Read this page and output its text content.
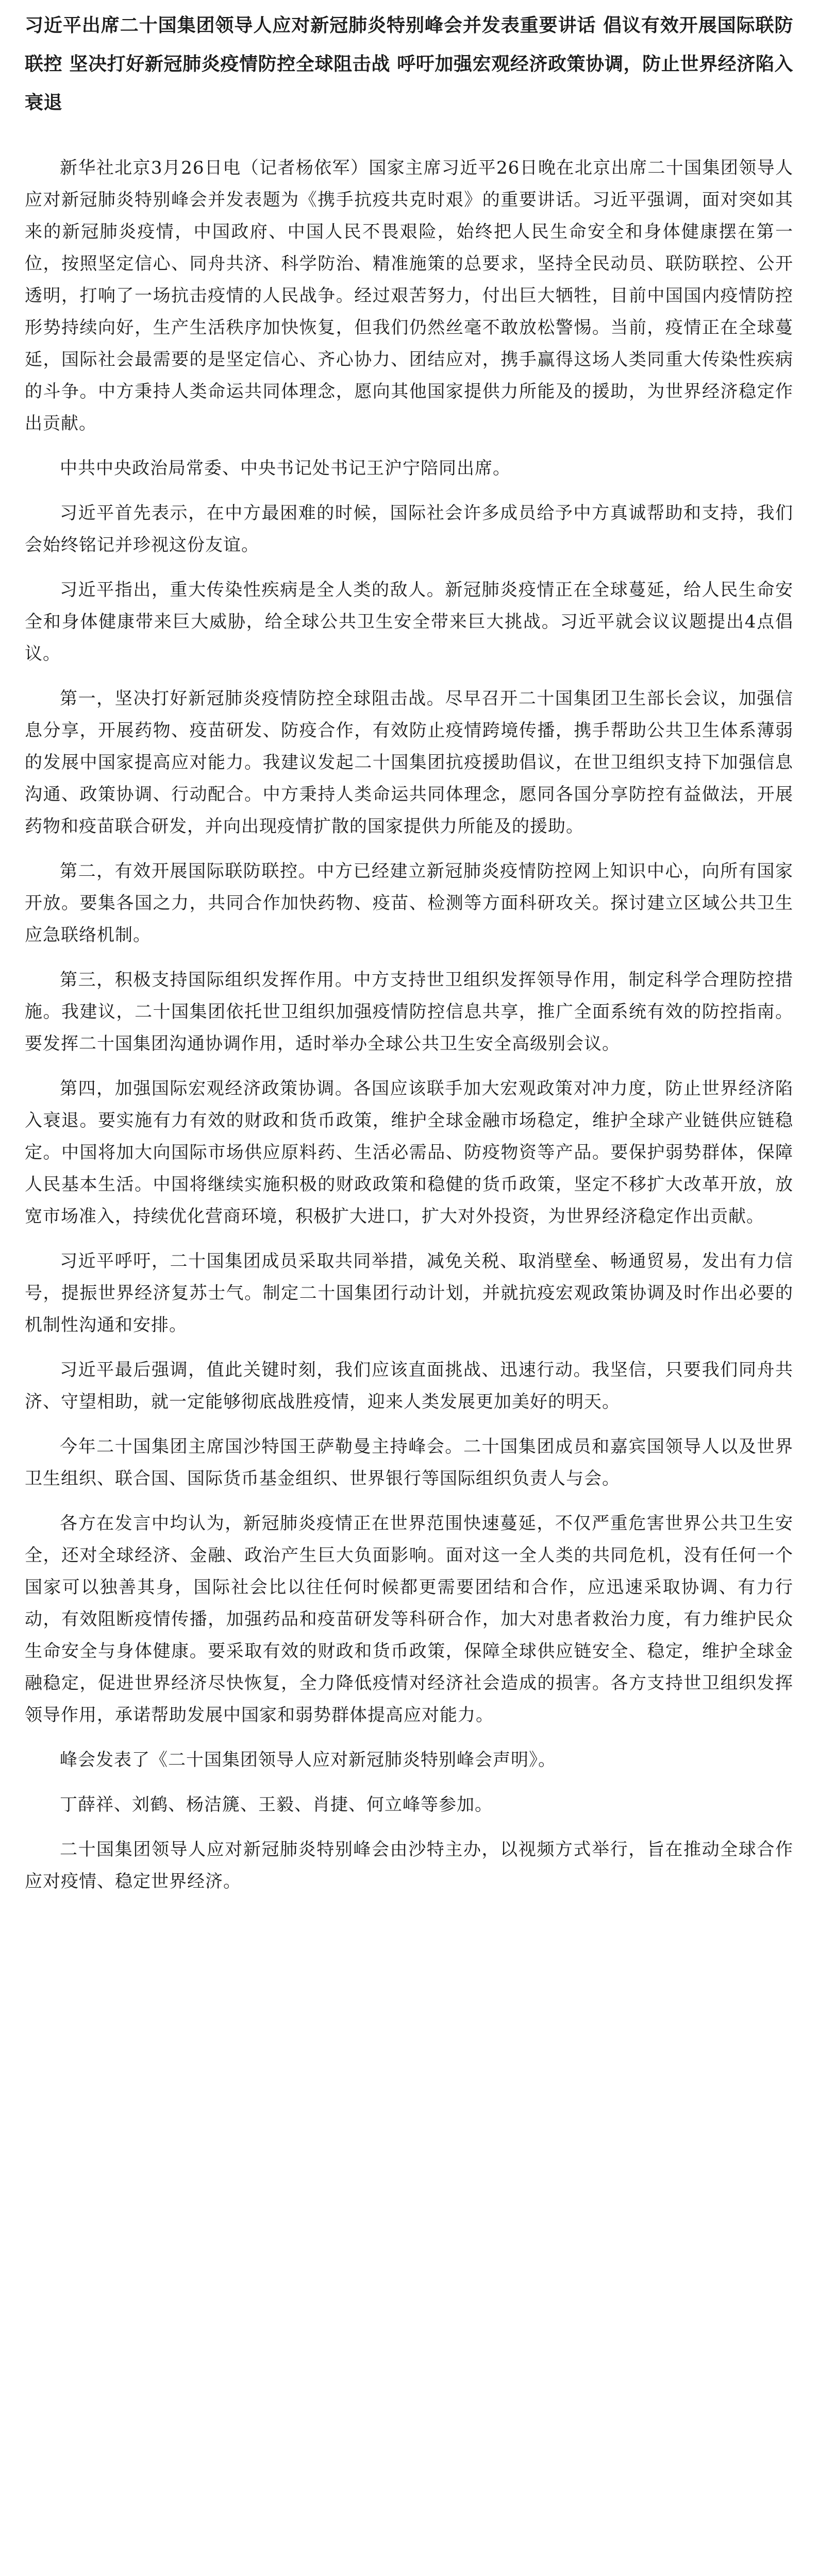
习近平出席二十国集团领导人应对新冠肺炎特别峰会并发表重要讲话 倡议有效开展国际联防联控 坚决打好新冠肺炎疫情防控全球阻击战 呼吁加强宏观经济政策协调，防止世界经济陷入衰退

新华社北京3月26日电（记者杨依军）国家主席习近平26日晚在北京出席二十国集团领导人应对新冠肺炎特别峰会并发表题为《携手抗疫共克时艰》的重要讲话。习近平强调，面对突如其来的新冠肺炎疫情，中国政府、中国人民不畏艰险，始终把人民生命安全和身体健康摆在第一位，按照坚定信心、同舟共济、科学防治、精准施策的总要求，坚持全民动员、联防联控、公开透明，打响了一场抗击疫情的人民战争。经过艰苦努力，付出巨大牺牲，目前中国国内疫情防控形势持续向好，生产生活秩序加快恢复，但我们仍然丝毫不敢放松警惕。当前，疫情正在全球蔓延，国际社会最需要的是坚定信心、齐心协力、团结应对，携手赢得这场人类同重大传染性疾病的斗争。中方秉持人类命运共同体理念，愿向其他国家提供力所能及的援助，为世界经济稳定作出贡献。

中共中央政治局常委、中央书记处书记王沪宁陪同出席。

习近平首先表示，在中方最困难的时候，国际社会许多成员给予中方真诚帮助和支持，我们会始终铭记并珍视这份友谊。

习近平指出，重大传染性疾病是全人类的敌人。新冠肺炎疫情正在全球蔓延，给人民生命安全和身体健康带来巨大威胁，给全球公共卫生安全带来巨大挑战。习近平就会议议题提出4点倡议。

第一，坚决打好新冠肺炎疫情防控全球阻击战。尽早召开二十国集团卫生部长会议，加强信息分享，开展药物、疫苗研发、防疫合作，有效防止疫情跨境传播，携手帮助公共卫生体系薄弱的发展中国家提高应对能力。我建议发起二十国集团抗疫援助倡议，在世卫组织支持下加强信息沟通、政策协调、行动配合。中方秉持人类命运共同体理念，愿同各国分享防控有益做法，开展药物和疫苗联合研发，并向出现疫情扩散的国家提供力所能及的援助。

第二，有效开展国际联防联控。中方已经建立新冠肺炎疫情防控网上知识中心，向所有国家开放。要集各国之力，共同合作加快药物、疫苗、检测等方面科研攻关。探讨建立区域公共卫生应急联络机制。

第三，积极支持国际组织发挥作用。中方支持世卫组织发挥领导作用，制定科学合理防控措施。我建议，二十国集团依托世卫组织加强疫情防控信息共享，推广全面系统有效的防控指南。要发挥二十国集团沟通协调作用，适时举办全球公共卫生安全高级别会议。

第四，加强国际宏观经济政策协调。各国应该联手加大宏观政策对冲力度，防止世界经济陷入衰退。要实施有力有效的财政和货币政策，维护全球金融市场稳定，维护全球产业链供应链稳定。中国将加大向国际市场供应原料药、生活必需品、防疫物资等产品。要保护弱势群体，保障人民基本生活。中国将继续实施积极的财政政策和稳健的货币政策，坚定不移扩大改革开放，放宽市场准入，持续优化营商环境，积极扩大进口，扩大对外投资，为世界经济稳定作出贡献。

习近平呼吁，二十国集团成员采取共同举措，减免关税、取消壁垒、畅通贸易，发出有力信号，提振世界经济复苏士气。制定二十国集团行动计划，并就抗疫宏观政策协调及时作出必要的机制性沟通和安排。

习近平最后强调，值此关键时刻，我们应该直面挑战、迅速行动。我坚信，只要我们同舟共济、守望相助，就一定能够彻底战胜疫情，迎来人类发展更加美好的明天。

今年二十国集团主席国沙特国王萨勒曼主持峰会。二十国集团成员和嘉宾国领导人以及世界卫生组织、联合国、国际货币基金组织、世界银行等国际组织负责人与会。

各方在发言中均认为，新冠肺炎疫情正在世界范围快速蔓延，不仅严重危害世界公共卫生安全，还对全球经济、金融、政治产生巨大负面影响。面对这一全人类的共同危机，没有任何一个国家可以独善其身，国际社会比以往任何时候都更需要团结和合作，应迅速采取协调、有力行动，有效阻断疫情传播，加强药品和疫苗研发等科研合作，加大对患者救治力度，有力维护民众生命安全与身体健康。要采取有效的财政和货币政策，保障全球供应链安全、稳定，维护全球金融稳定，促进世界经济尽快恢复，全力降低疫情对经济社会造成的损害。各方支持世卫组织发挥领导作用，承诺帮助发展中国家和弱势群体提高应对能力。

峰会发表了《二十国集团领导人应对新冠肺炎特别峰会声明》。

丁薛祥、刘鹤、杨洁篪、王毅、肖捷、何立峰等参加。

二十国集团领导人应对新冠肺炎特别峰会由沙特主办，以视频方式举行，旨在推动全球合作应对疫情、稳定世界经济。
